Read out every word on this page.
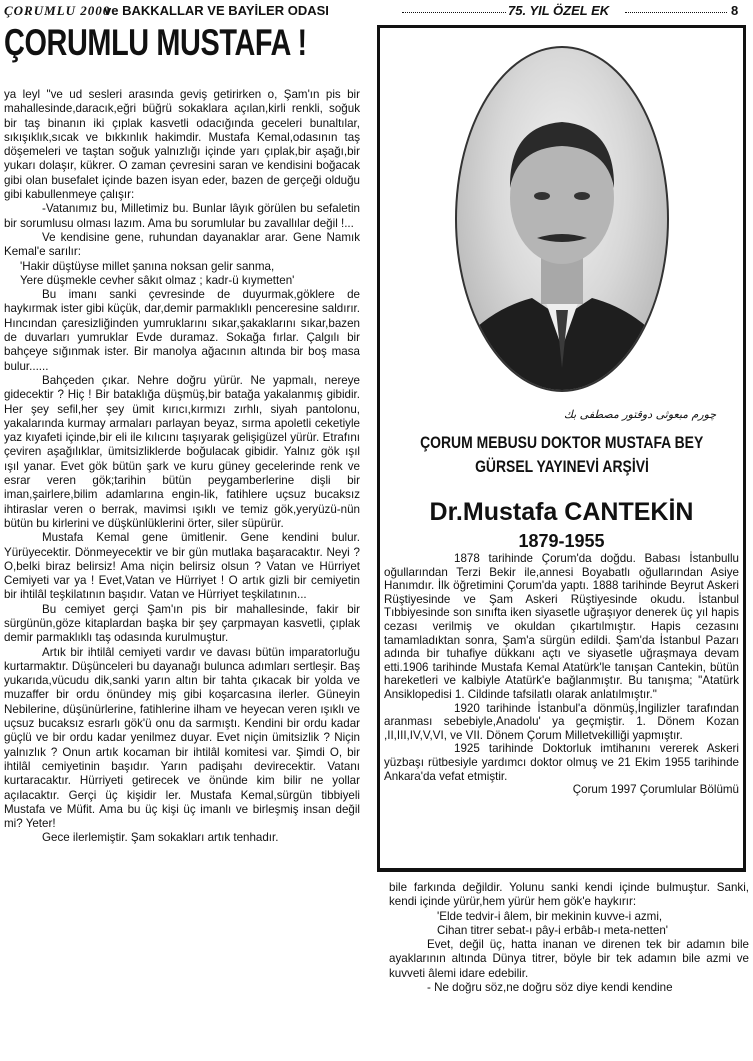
ÇORUMLU 2000
ve BAKKALLAR VE BAYİLER ODASI	75. YIL ÖZEL EK	8
ÇORUMLU MUSTAFA !

ya leyl "ve ud sesleri arasında geviş getirirken o, Şam'ın pis bir mahallesinde,daracık,eğri büğrü sokaklara açılan,kirli renkli, soğuk bir taş binanın iki çıplak kasvetli odacığında geceleri bunaltılar, sıkışıklık,sıcak ve bıkkınlık hakimdir. Mustafa Kemal,odasının taş döşemeleri ve taştan soğuk yalnızlığı içinde yarı çıplak,bir aşağı,bir yukarı dolaşır, kükrer. O zaman çevresini saran ve kendisini boğacak gibi olan busefalet içinde bazen isyan eder, bazen de gerçeği olduğu gibi kabullenmeye çalışır:

-Vatanımız bu, Milletimiz bu. Bunlar lâyık görülen bu sefaletin bir sorumlusu olması lazım. Ama bu sorumlular bu zavallılar değil !...

Ve kendisine gene, ruhundan dayanaklar arar. Gene Namık Kemal'e sarılır:

'Hakir düştüyse millet şanına noksan gelir sanma,

Yere düşmekle cevher sâkıt olmaz ; kadr-ü kıymetten'

Bu imanı sanki çevresinde de duyurmak,göklere de haykırmak ister gibi küçük, dar,demir parmaklıklı penceresine saldırır. Hıncından çaresizliğinden yumruklarını sıkar,şakaklarını sıkar,bazen de duvarları yumruklar Evde duramaz. Sokağa fırlar. Çalgılı bir bahçeye sığınmak ister. Bir manolya ağacının altında bir boş masa bulur......

Bahçeden çıkar. Nehre doğru yürür. Ne yapmalı, nereye gidecektir ? Hiç ! Bir bataklığa düşmüş,bir batağa yakalanmış gibidir. Her şey sefil,her şey ümit kırıcı,kırmızı zırhlı, siyah pantolonu, yakalarında kurmay armaları parlayan beyaz, sırma apoletli ceketiyle yaz kıyafeti içinde,bir eli ile kılıcını taşıyarak gelişigüzel yürür. Etrafını çeviren aşağılıklar, ümitsizliklerde boğulacak gibidir. Yalnız gök ışıl ışıl yanar. Evet gök bütün şark ve kuru güney gecelerinde renk ve esrar veren gök;tarihin bütün peygamberlerine dişli bir iman,şairlere,bilim adamlarına engin-lik, fatihlere uçsuz bucaksız ihtiraslar veren o berrak, mavimsi ışıklı ve temiz gök,yeryüzü-nün bütün bu kirlerini ve düşkünlüklerini örter, siler süpürür.

Mustafa Kemal gene ümitlenir. Gene kendini bulur. Yürüyecektir. Dönmeyecektir ve bir gün mutlaka başaracaktır. Neyi ? O,belki biraz belirsiz! Ama niçin belirsiz olsun ? Vatan ve Hürriyet Cemiyeti var ya ! Evet,Vatan ve Hürriyet ! O artık gizli bir cemiyetin bir ihtilâl teşkilatının başıdır. Vatan ve Hürriyet teşkilatının...

Bu cemiyet gerçi Şam'ın pis bir mahallesinde, fakir bir sürgünün,göze kitaplardan başka bir şey çarpmayan kasvetli, çıplak demir parmaklıklı taş odasında kurulmuştur.

Artık bir ihtilâl cemiyeti vardır ve davası bütün imparatorluğu kurtarmaktır. Düşünceleri bu dayanağı bulunca adımları sertleşir. Baş yukarıda,vücudu dik,sanki yarın altın bir tahta çıkacak bir yolda ve muzaffer bir ordu önündey miş gibi koşarcasına ilerler. Güneyin Nebilerine, düşünürlerine, fatihlerine ilham ve heyecan veren ışıklı ve uçsuz bucaksız esrarlı gök'ü onu da sarmıştı. Kendini bir ordu kadar güçlü ve bir ordu kadar yenilmez duyar. Evet niçin ümitsizlik ? Niçin yalnızlık ? Onun artık kocaman bir ihtilâl komitesi var. Şimdi O, bir ihtilâl cemiyetinin başıdır. Yarın padişahı devirecektir. Vatanı kurtaracaktır. Hürriyeti getirecek ve önünde kim bilir ne yollar açılacaktır. Gerçi üç kişidir ler. Mustafa Kemal,sürgün tibbiyeli Mustafa ve Müfit. Ama bu üç kişi üç imanlı ve birleşmiş insan değil mi? Yeter!

Gece ilerlemiştir. Şam sokakları artık tenhadır.

چورم مبعوثی دوقتور مصطفی بك
ÇORUM MEBUSU DOKTOR MUSTAFA BEY
GÜRSEL YAYINEVİ ARŞİVİ
Dr.Mustafa CANTEKİN
1879-1955

1878 tarihinde Çorum'da doğdu. Babası İstanbullu oğullarından Terzi Bekir ile,annesi Boyabatlı oğullarından Asiye Hanımdır. İlk öğretimini Çorum'da yaptı. 1888 tarihinde Beyrut Askeri Rüştiyesinde ve Şam Askeri Rüştiyesinde okudu. İstanbul Tıbbiyesinde son sınıfta iken siyasetle uğraşıyor denerek üç yıl hapis cezası verilmiş ve okuldan çıkartılmıştır. Hapis cezasını tamamladıktan sonra, Şam'a sürgün edildi. Şam'da İstanbul Pazarı adında bir tuhafiye dükkanı açtı ve siyasetle uğraşmaya devam etti.1906 tarihinde Mustafa Kemal Atatürk'le tanışan Cantekin, bütün hareketleri ve kalbiyle Atatürk'e bağlanmıştır. Bu tanışma; "Atatürk Ansiklopedisi 1. Cildinde tafsilatlı olarak anlatılmıştır."

1920 tarihinde İstanbul'a dönmüş,İngilizler tarafından aranması sebebiyle,Anadolu' ya geçmiştir. 1. Dönem Kozan ,II,III,IV,V,VI, ve VII. Dönem Çorum Milletvekilliği yapmıştır.

1925 tarihinde Doktorluk imtihanını vererek Askeri yüzbaşı rütbesiyle yardımcı doktor olmuş ve 21 Ekim 1955 tarihinde Ankara'da vefat etmiştir.

Çorum 1997 Çorumlular Bölümü

bile farkında değildir. Yolunu sanki kendi içinde bulmuştur. Sanki, kendi içinde yürür,hem yürür hem gök'e haykırır:

'Elde tedvir-i âlem, bir mekinin kuvve-i azmi,

Cihan titrer sebat-ı pây-i erbâb-ı meta-netten'

Evet, değil üç, hatta inanan ve direnen tek bir adamın bile ayaklarının altında Dünya titrer, böyle bir tek adamın bile azmi ve kuvveti âlemi idare edebilir.

- Ne doğru söz,ne doğru söz diye kendi kendine
